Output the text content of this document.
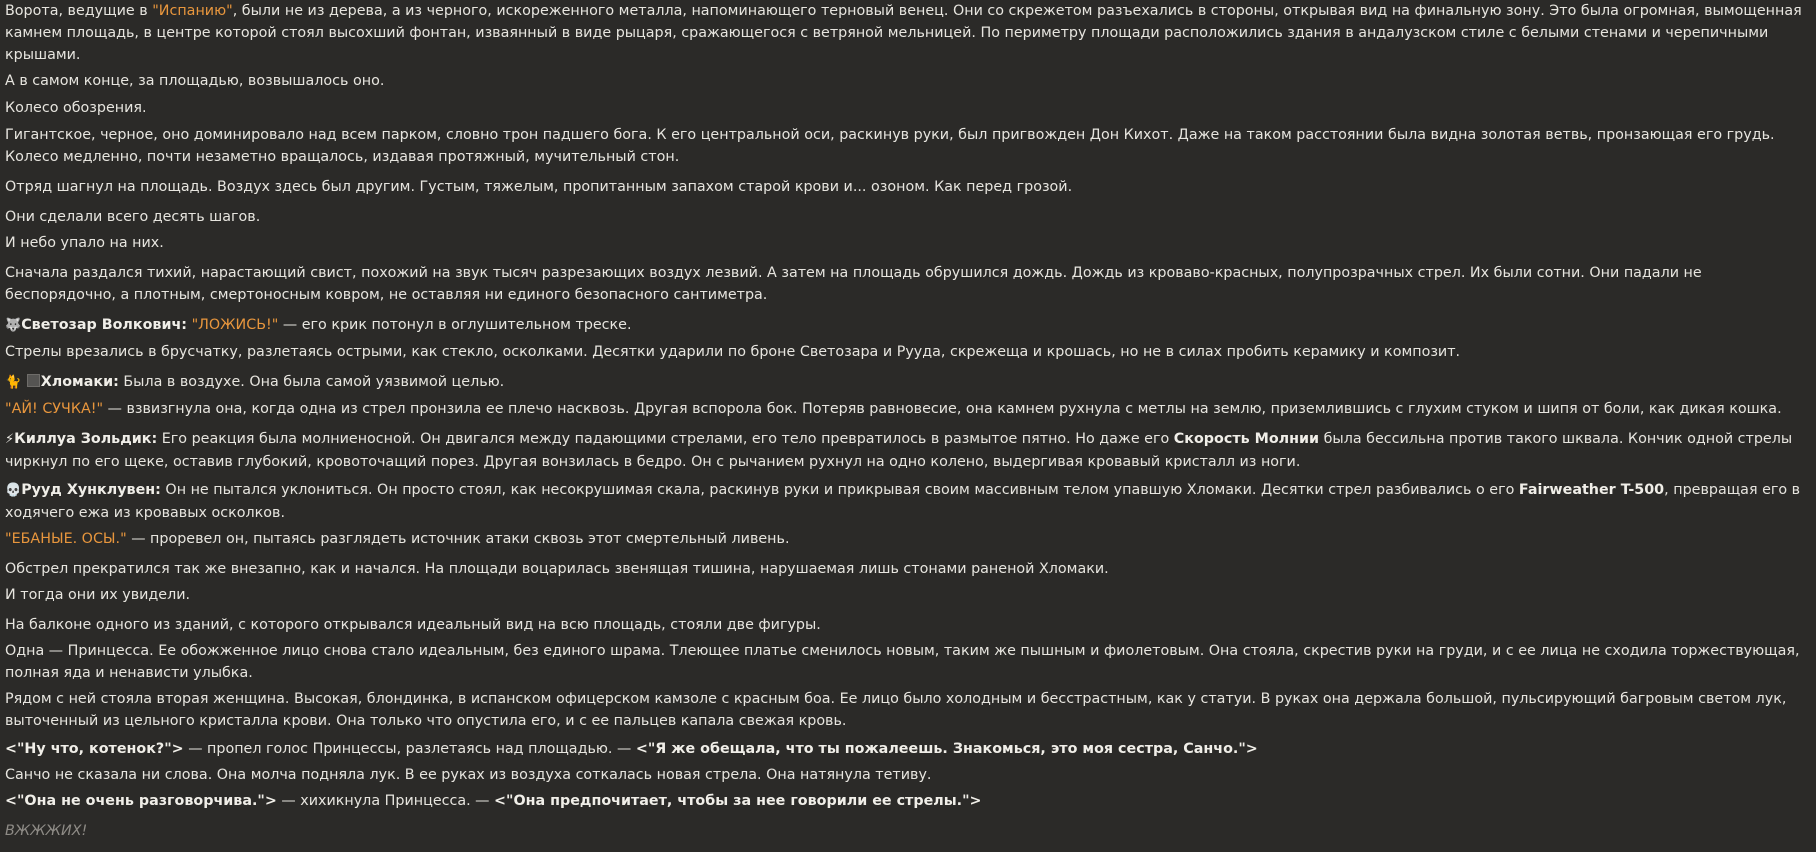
Ворота, ведущие в "Испанию", были не из дерева, а из черного, искореженного металла, напоминающего терновый венец. Они со скрежетом разъехались в стороны, открывая вид на финальную зону. Это была огромная, вымощенная камнем площадь, в центре которой стоял высохший фонтан, изваянный в виде рыцаря, сражающегося с ветряной мельницей. По периметру площади расположились здания в андалузском стиле с белыми стенами и черепичными крышами.

А в самом конце, за площадью, возвышалось оно.

Колесо обозрения.

Гигантское, черное, оно доминировало над всем парком, словно трон падшего бога. К его центральной оси, раскинув руки, был пригвожден Дон Кихот. Даже на таком расстоянии была видна золотая ветвь, пронзающая его грудь. Колесо медленно, почти незаметно вращалось, издавая протяжный, мучительный стон.

Отряд шагнул на площадь. Воздух здесь был другим. Густым, тяжелым, пропитанным запахом старой крови и... озоном. Как перед грозой.

Они сделали всего десять шагов.

И небо упало на них.

Сначала раздался тихий, нарастающий свист, похожий на звук тысяч разрезающих воздух лезвий. А затем на площадь обрушился дождь. Дождь из кроваво-красных, полупрозрачных стрел. Их были сотни. Они падали не беспорядочно, а плотным, смертоносным ковром, не оставляя ни единого безопасного сантиметра.

🐺Светозар Волкович: "ЛОЖИСЬ!" — его крик потонул в оглушительном треске.

Стрелы врезались в брусчатку, разлетаясь острыми, как стекло, осколками. Десятки ударили по броне Светозара и Рууда, скрежеща и крошась, но не в силах пробить керамику и композит.

🐈 Хломаки: Была в воздухе. Она была самой уязвимой целью.

"АЙ! СУЧКА!" — взвизгнула она, когда одна из стрел пронзила ее плечо насквозь. Другая вспорола бок. Потеряв равновесие, она камнем рухнула с метлы на землю, приземлившись с глухим стуком и шипя от боли, как дикая кошка.

⚡Киллуа Зольдик: Его реакция была молниеносной. Он двигался между падающими стрелами, его тело превратилось в размытое пятно. Но даже его Скорость Молнии была бессильна против такого шквала. Кончик одной стрелы чиркнул по его щеке, оставив глубокий, кровоточащий порез. Другая вонзилась в бедро. Он с рычанием рухнул на одно колено, выдергивая кровавый кристалл из ноги.

💀Рууд Хунклувен: Он не пытался уклониться. Он просто стоял, как несокрушимая скала, раскинув руки и прикрывая своим массивным телом упавшую Хломаки. Десятки стрел разбивались о его Fairweather T-500, превращая его в ходячего ежа из кровавых осколков.

"ЕБАНЫЕ. ОСЫ." — проревел он, пытаясь разглядеть источник атаки сквозь этот смертельный ливень.

Обстрел прекратился так же внезапно, как и начался. На площади воцарилась звенящая тишина, нарушаемая лишь стонами раненой Хломаки.

И тогда они их увидели.

На балконе одного из зданий, с которого открывался идеальный вид на всю площадь, стояли две фигуры.

Одна — Принцесса. Ее обожженное лицо снова стало идеальным, без единого шрама. Тлеющее платье сменилось новым, таким же пышным и фиолетовым. Она стояла, скрестив руки на груди, и с ее лица не сходила торжествующая, полная яда и ненависти улыбка.

Рядом с ней стояла вторая женщина. Высокая, блондинка, в испанском офицерском камзоле с красным боа. Ее лицо было холодным и бесстрастным, как у статуи. В руках она держала большой, пульсирующий багровым светом лук, выточенный из цельного кристалла крови. Она только что опустила его, и с ее пальцев капала свежая кровь.

<"Ну что, котенок?"> — пропел голос Принцессы, разлетаясь над площадью. — <"Я же обещала, что ты пожалеешь. Знакомься, это моя сестра, Санчо.">

Санчо не сказала ни слова. Она молча подняла лук. В ее руках из воздуха соткалась новая стрела. Она натянула тетиву.

<"Она не очень разговорчива."> — хихикнула Принцесса. — <"Она предпочитает, чтобы за нее говорили ее стрелы.">

ВЖЖЖИХ!
